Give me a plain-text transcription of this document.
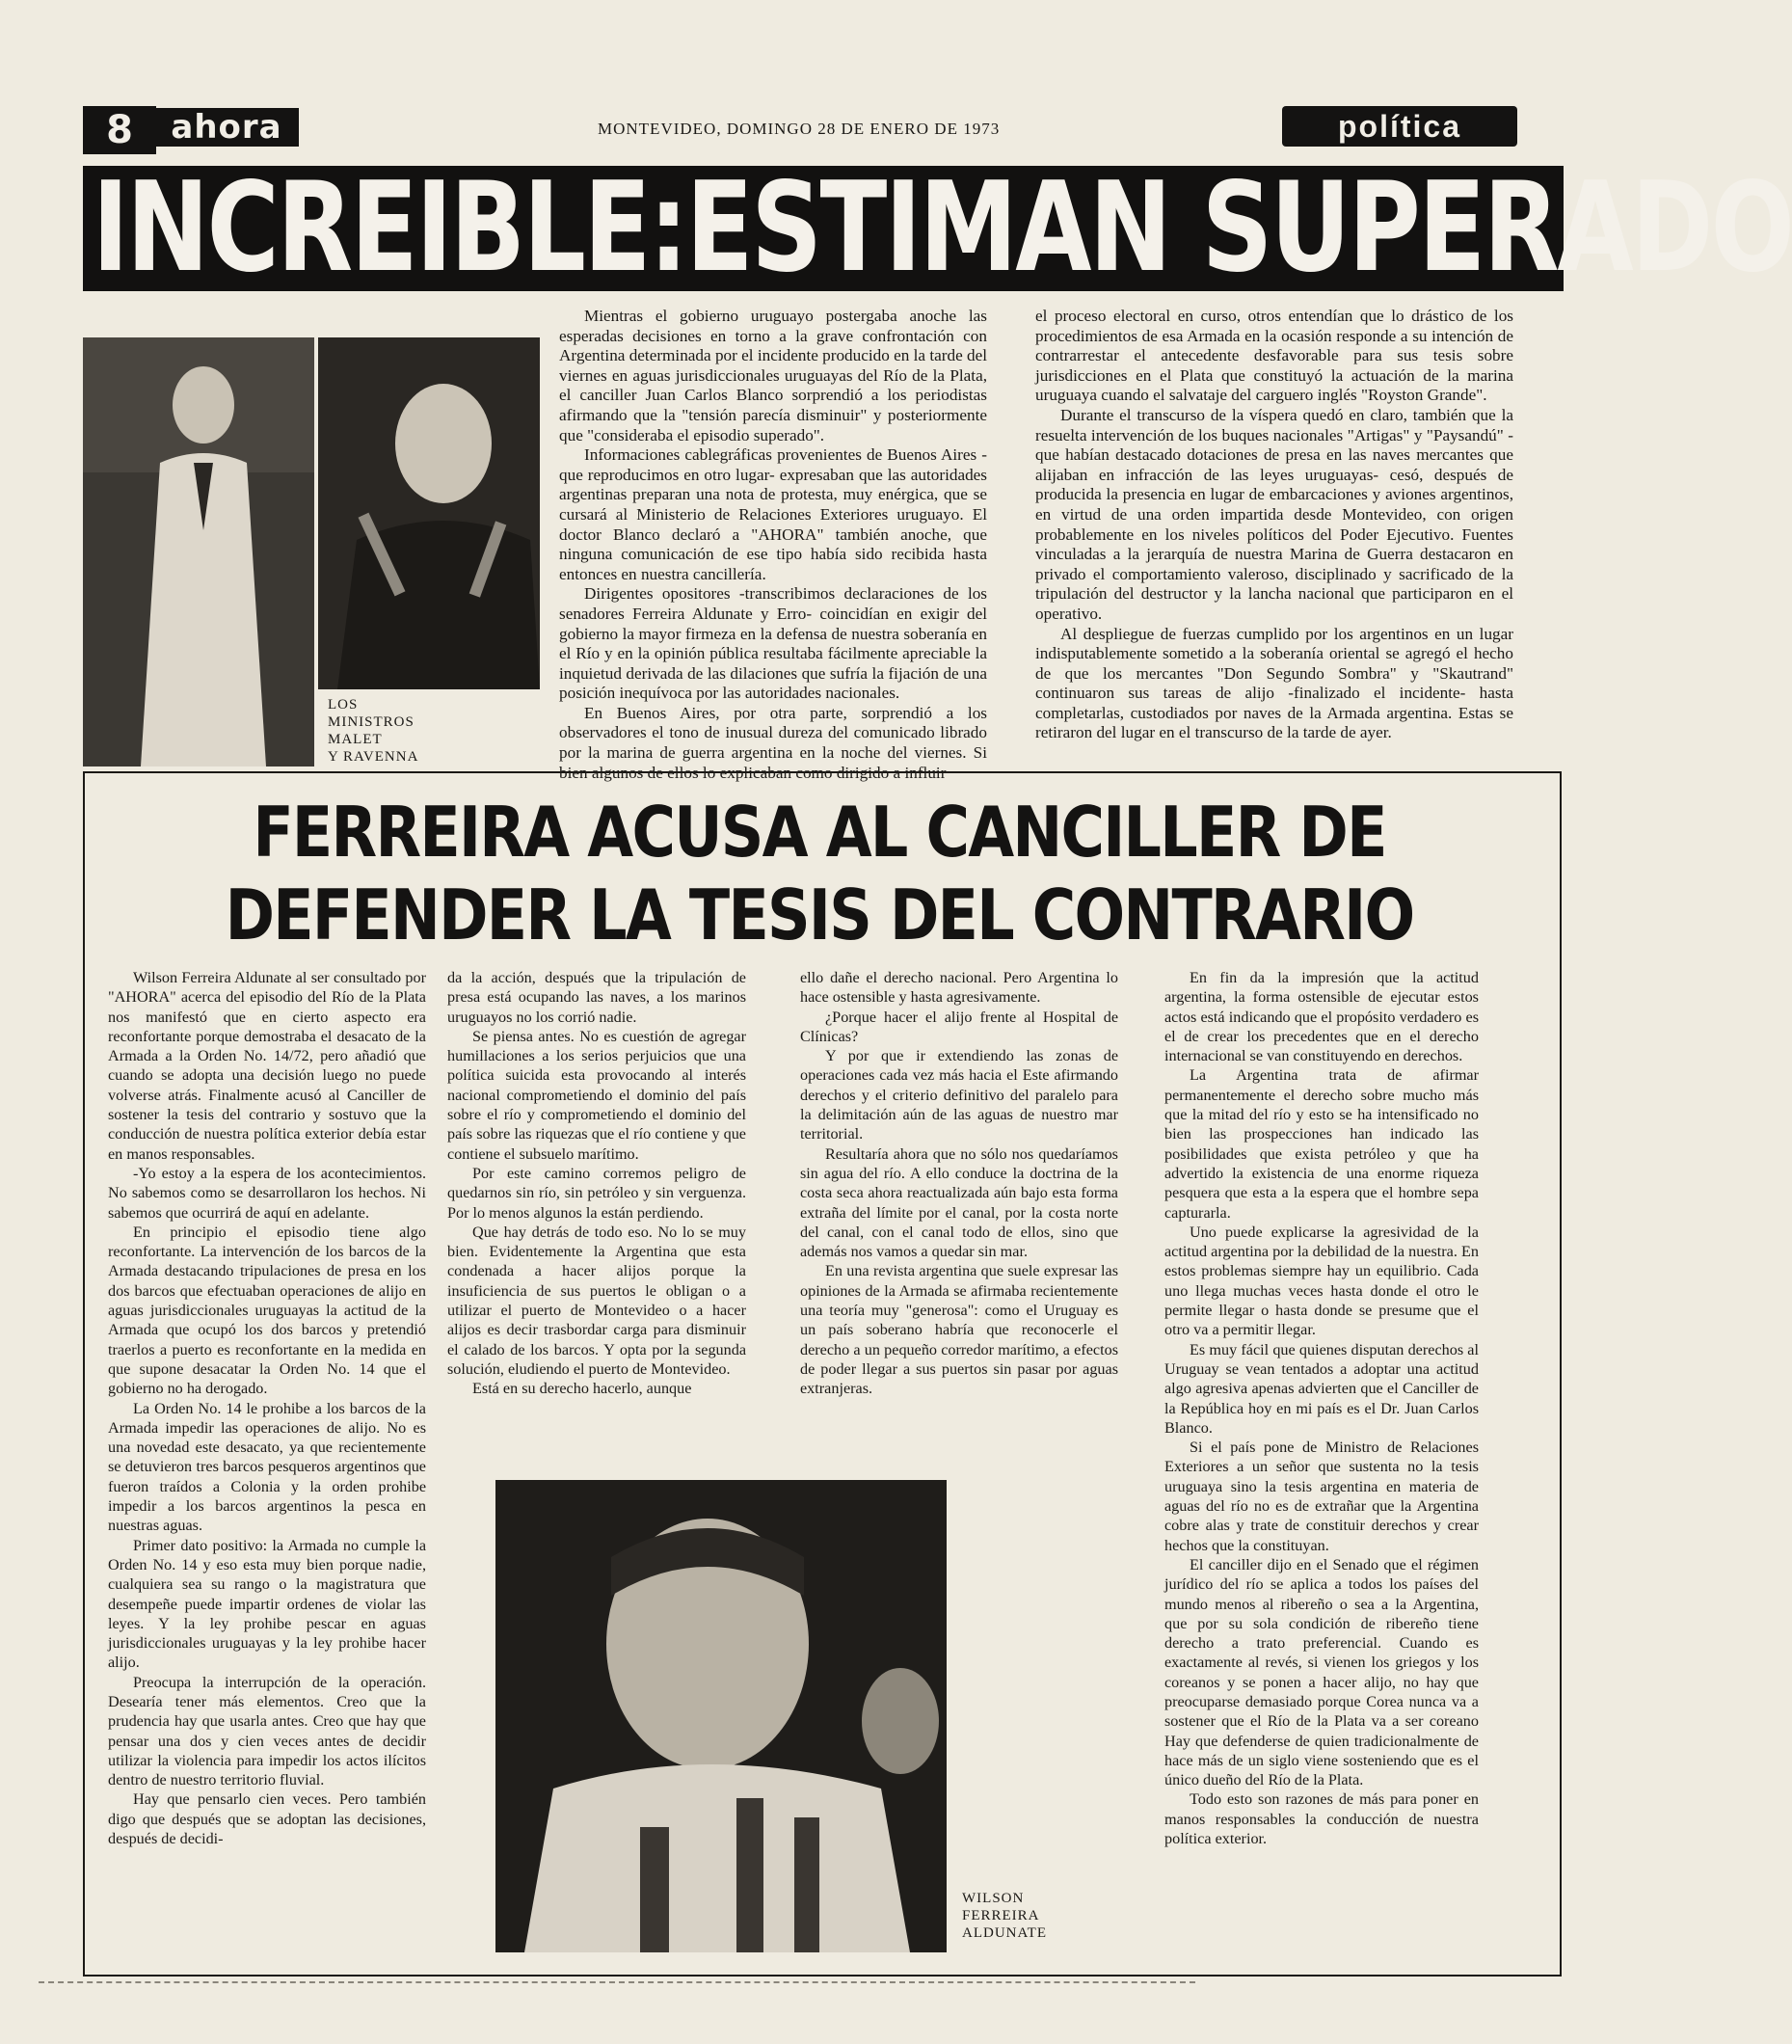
8	ahora	MONTEVIDEO, DOMINGO 28 DE ENERO DE 1973	política
INCREIBLE:ESTIMAN SUPERADO
LOS
MINISTROS
MALET
Y RAVENNA

Mientras el gobierno uruguayo postergaba anoche las esperadas decisiones en torno a la grave confrontación con Argentina determinada por el incidente producido en la tarde del viernes en aguas jurisdiccionales uruguayas del Río de la Plata, el canciller Juan Carlos Blanco sorprendió a los periodistas afirmando que la "tensión parecía disminuir" y posteriormente que "consideraba el episodio superado".

Informaciones cablegráficas provenientes de Buenos Aires -que reproducimos en otro lugar- expresaban que las autoridades argentinas preparan una nota de protesta, muy enérgica, que se cursará al Ministerio de Relaciones Exteriores uruguayo. El doctor Blanco declaró a "AHORA" también anoche, que ninguna comunicación de ese tipo había sido recibida hasta entonces en nuestra cancillería.

Dirigentes opositores -transcribimos declaraciones de los senadores Ferreira Aldunate y Erro- coincidían en exigir del gobierno la mayor firmeza en la defensa de nuestra soberanía en el Río y en la opinión pública resultaba fácilmente apreciable la inquietud derivada de las dilaciones que sufría la fijación de una posición inequívoca por las autoridades nacionales.

En Buenos Aires, por otra parte, sorprendió a los observadores el tono de inusual dureza del comunicado librado por la marina de guerra argentina en la noche del viernes. Si bien algunos de ellos lo explicaban como dirigido a influir

el proceso electoral en curso, otros entendían que lo drástico de los procedimientos de esa Armada en la ocasión responde a su intención de contrarrestar el antecedente desfavorable para sus tesis sobre jurisdicciones en el Plata que constituyó la actuación de la marina uruguaya cuando el salvataje del carguero inglés "Royston Grande".

Durante el transcurso de la víspera quedó en claro, también que la resuelta intervención de los buques nacionales "Artigas" y "Paysandú" -que habían destacado dotaciones de presa en las naves mercantes que alijaban en infracción de las leyes uruguayas- cesó, después de producida la presencia en lugar de embarcaciones y aviones argentinos, en virtud de una orden impartida desde Montevideo, con origen probablemente en los niveles políticos del Poder Ejecutivo. Fuentes vinculadas a la jerarquía de nuestra Marina de Guerra destacaron en privado el comportamiento valeroso, disciplinado y sacrificado de la tripulación del destructor y la lancha nacional que participaron en el operativo.

Al despliegue de fuerzas cumplido por los argentinos en un lugar indisputablemente sometido a la soberanía oriental se agregó el hecho de que los mercantes "Don Segundo Sombra" y "Skautrand" continuaron sus tareas de alijo -finalizado el incidente- hasta completarlas, custodiados por naves de la Armada argentina. Estas se retiraron del lugar en el transcurso de la tarde de ayer.

FERREIRA ACUSA AL CANCILLER DE
DEFENDER LA TESIS DEL CONTRARIO

Wilson Ferreira Aldunate al ser consultado por "AHORA" acerca del episodio del Río de la Plata nos manifestó que en cierto aspecto era reconfortante porque demostraba el desacato de la Armada a la Orden No. 14/72, pero añadió que cuando se adopta una decisión luego no puede volverse atrás. Finalmente acusó al Canciller de sostener la tesis del contrario y sostuvo que la conducción de nuestra política exterior debía estar en manos responsables.

-Yo estoy a la espera de los acontecimientos. No sabemos como se desarrollaron los hechos. Ni sabemos que ocurrirá de aquí en adelante.

En principio el episodio tiene algo reconfortante. La intervención de los barcos de la Armada destacando tripulaciones de presa en los dos barcos que efectuaban operaciones de alijo en aguas jurisdiccionales uruguayas la actitud de la Armada que ocupó los dos barcos y pretendió traerlos a puerto es reconfortante en la medida en que supone desacatar la Orden No. 14 que el gobierno no ha derogado.

La Orden No. 14 le prohibe a los barcos de la Armada impedir las operaciones de alijo. No es una novedad este desacato, ya que recientemente se detuvieron tres barcos pesqueros argentinos que fueron traídos a Colonia y la orden prohibe impedir a los barcos argentinos la pesca en nuestras aguas.

Primer dato positivo: la Armada no cumple la Orden No. 14 y eso esta muy bien porque nadie, cualquiera sea su rango o la magistratura que desempeñe puede impartir ordenes de violar las leyes. Y la ley prohibe pescar en aguas jurisdiccionales uruguayas y la ley prohibe hacer alijo.

Preocupa la interrupción de la operación. Desearía tener más elementos. Creo que la prudencia hay que usarla antes. Creo que hay que pensar una dos y cien veces antes de decidir utilizar la violencia para impedir los actos ilícitos dentro de nuestro territorio fluvial.

Hay que pensarlo cien veces. Pero también digo que después que se adoptan las decisiones, después de decidi-

da la acción, después que la tripulación de presa está ocupando las naves, a los marinos uruguayos no los corrió nadie.

Se piensa antes. No es cuestión de agregar humillaciones a los serios perjuicios que una política suicida esta provocando al interés nacional comprometiendo el dominio del país sobre el río y comprometiendo el dominio del país sobre las riquezas que el río contiene y que contiene el subsuelo marítimo.

Por este camino corremos peligro de quedarnos sin río, sin petróleo y sin verguenza. Por lo menos algunos la están perdiendo.

Que hay detrás de todo eso. No lo se muy bien. Evidentemente la Argentina que esta condenada a hacer alijos porque la insuficiencia de sus puertos le obligan o a utilizar el puerto de Montevideo o a hacer alijos es decir trasbordar carga para disminuir el calado de los barcos. Y opta por la segunda solución, eludiendo el puerto de Montevideo.

Está en su derecho hacerlo, aunque

ello dañe el derecho nacional. Pero Argentina lo hace ostensible y hasta agresivamente.

¿Porque hacer el alijo frente al Hospital de Clínicas?

Y por que ir extendiendo las zonas de operaciones cada vez más hacia el Este afirmando derechos y el criterio definitivo del paralelo para la delimitación aún de las aguas de nuestro mar territorial.

Resultaría ahora que no sólo nos quedaríamos sin agua del río. A ello conduce la doctrina de la costa seca ahora reactualizada aún bajo esta forma extraña del límite por el canal, por la costa norte del canal, con el canal todo de ellos, sino que además nos vamos a quedar sin mar.

En una revista argentina que suele expresar las opiniones de la Armada se afirmaba recientemente una teoría muy "generosa": como el Uruguay es un país soberano habría que reconocerle el derecho a un pequeño corredor marítimo, a efectos de poder llegar a sus puertos sin pasar por aguas extranjeras.

En fin da la impresión que la actitud argentina, la forma ostensible de ejecutar estos actos está indicando que el propósito verdadero es el de crear los precedentes que en el derecho internacional se van constituyendo en derechos.

La Argentina trata de afirmar permanentemente el derecho sobre mucho más que la mitad del río y esto se ha intensificado no bien las prospecciones han indicado las posibilidades que exista petróleo y que ha advertido la existencia de una enorme riqueza pesquera que esta a la espera que el hombre sepa capturarla.

Uno puede explicarse la agresividad de la actitud argentina por la debilidad de la nuestra. En estos problemas siempre hay un equilibrio. Cada uno llega muchas veces hasta donde el otro le permite llegar o hasta donde se presume que el otro va a permitir llegar.

Es muy fácil que quienes disputan derechos al Uruguay se vean tentados a adoptar una actitud algo agresiva apenas advierten que el Canciller de la República hoy en mi país es el Dr. Juan Carlos Blanco.

Si el país pone de Ministro de Relaciones Exteriores a un señor que sustenta no la tesis uruguaya sino la tesis argentina en materia de aguas del río no es de extrañar que la Argentina cobre alas y trate de constituir derechos y crear hechos que la constituyan.

El canciller dijo en el Senado que el régimen jurídico del río se aplica a todos los países del mundo menos al ribereño o sea a la Argentina, que por su sola condición de ribereño tiene derecho a trato preferencial. Cuando es exactamente al revés, si vienen los griegos y los coreanos y se ponen a hacer alijo, no hay que preocuparse demasiado porque Corea nunca va a sostener que el Río de la Plata va a ser coreano Hay que defenderse de quien tradicionalmente de hace más de un siglo viene sosteniendo que es el único dueño del Río de la Plata.

Todo esto son razones de más para poner en manos responsables la conducción de nuestra política exterior.

WILSON
FERREIRA
ALDUNATE
